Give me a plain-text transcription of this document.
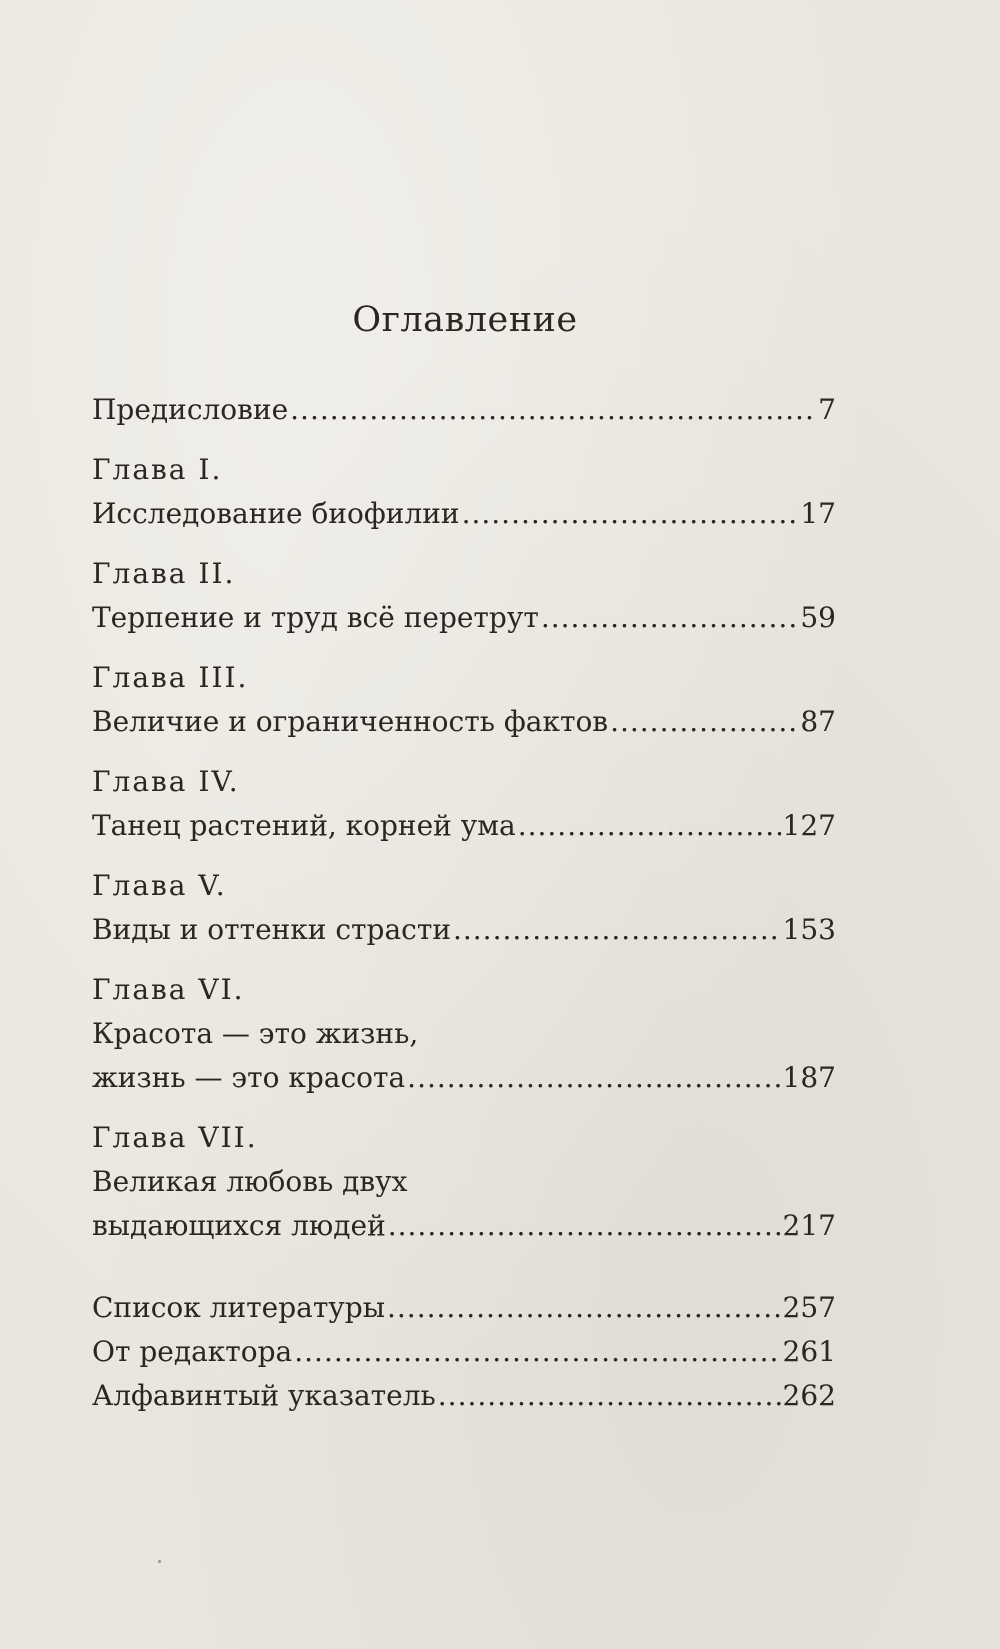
Оглавление
Предисловие .....	7
Глава I.
Исследование биофилии .....	17
Глава II.
Терпение и труд всё перетрут .....	59
Глава III.
Величие и ограниченность фактов .....	87
Глава IV.
Танец растений, корней ума .....	127
Глава V.
Виды и оттенки страсти .....	153
Глава VI.
Красота — это жизнь,
жизнь — это красота .....	187
Глава VII.
Великая любовь двух
выдающихся людей .....	217
Список литературы .....	257
От редактора .....	261
Алфавинтый указатель .....	262
